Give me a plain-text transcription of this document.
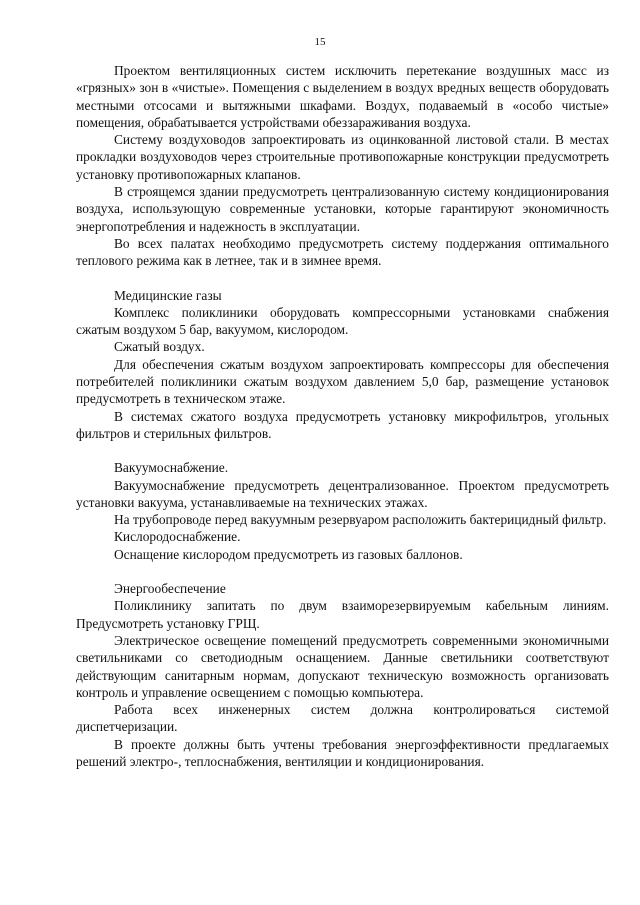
15

Проектом вентиляционных систем исключить перетекание воздушных масс из «грязных» зон в «чистые». Помещения с выделением в воздух вредных веществ оборудовать местными отсосами и вытяжными шкафами. Воздух, подаваемый в «особо чистые» помещения, обрабатывается устройствами обеззараживания воздуха.

Систему воздуховодов запроектировать из оцинкованной листовой стали. В местах прокладки воздуховодов через строительные противопожарные конструкции предусмотреть установку противопожарных клапанов.

В строящемся здании предусмотреть централизованную систему кондиционирования воздуха, использующую современные установки, которые гарантируют экономичность энергопотребления и надежность в эксплуатации.

Во всех палатах необходимо предусмотреть систему поддержания оптимального теплового режима как в летнее, так и в зимнее время.

Медицинские газы

Комплекс поликлиники оборудовать компрессорными установками снабжения сжатым воздухом 5 бар, вакуумом, кислородом.

Сжатый воздух.

Для обеспечения сжатым воздухом запроектировать компрессоры для обеспечения потребителей поликлиники сжатым воздухом давлением 5,0 бар, размещение установок предусмотреть в техническом этаже.

В системах сжатого воздуха предусмотреть установку микрофильтров, угольных фильтров и стерильных фильтров.

Вакуумоснабжение.

Вакуумоснабжение предусмотреть децентрализованное. Проектом предусмотреть установки вакуума, устанавливаемые на технических этажах.

На трубопроводе перед вакуумным резервуаром расположить бактерицидный фильтр.

Кислородоснабжение.

Оснащение кислородом предусмотреть из газовых баллонов.

Энергообеспечение

Поликлинику запитать по двум взаиморезервируемым кабельным линиям. Предусмотреть установку ГРЩ.

Электрическое освещение помещений предусмотреть современными экономичными светильниками со светодиодным оснащением. Данные светильники соответствуют действующим санитарным нормам, допускают техническую возможность организовать контроль и управление освещением с помощью компьютера.

Работа всех инженерных систем должна контролироваться системой диспетчеризации.

В проекте должны быть учтены требования энергоэффективности предлагаемых решений электро-, теплоснабжения, вентиляции и кондиционирования.
